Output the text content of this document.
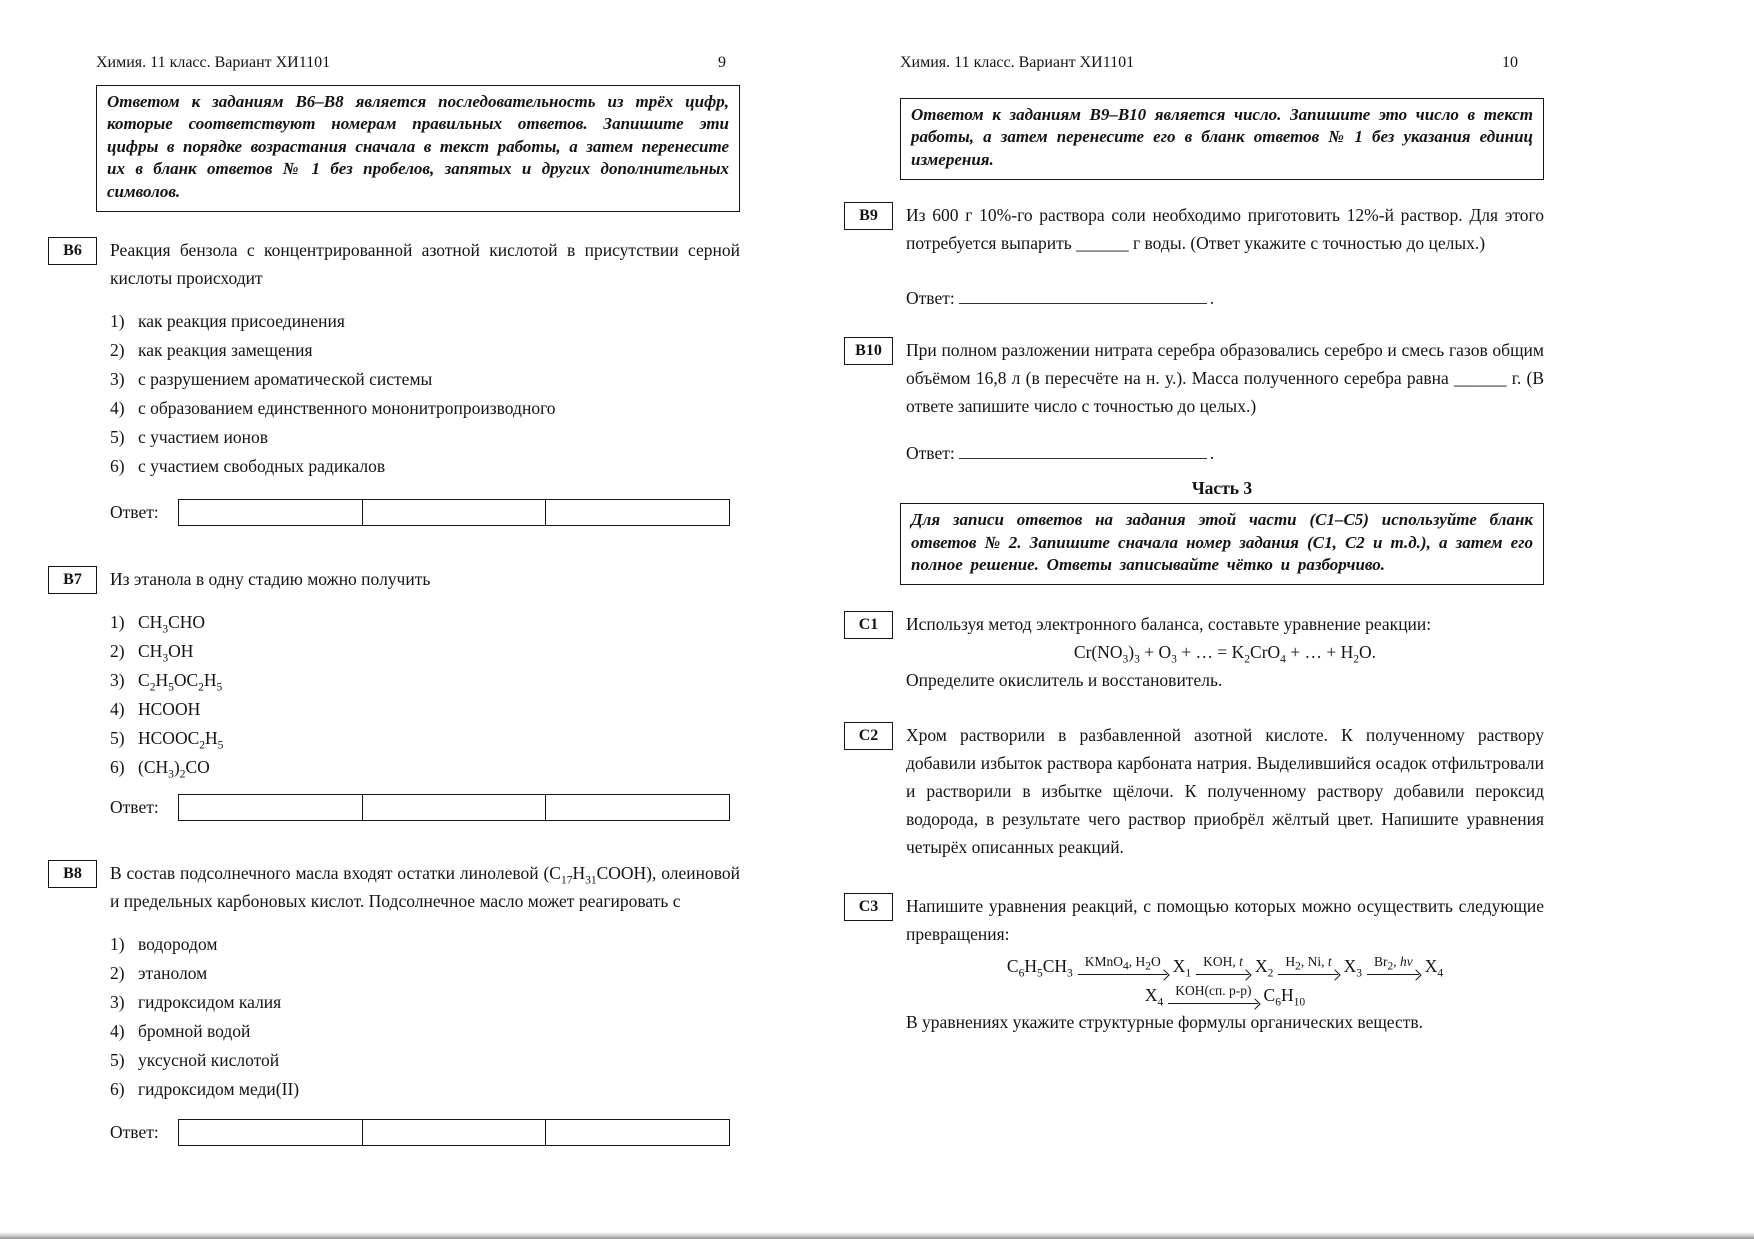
Химия. 11 класс. Вариант ХИ1101	9
Ответом к заданиям В6–В8 является последовательность из трёх цифр, которые соответствуют номерам правильных ответов. Запишите эти цифры в порядке возрастания сначала в текст работы, а затем перенесите их в бланк ответов № 1 без пробелов, запятых и других дополнительных символов.
В6	Реакция бензола с концентрированной азотной кислотой в присутствии серной кислоты происходит

1) как реакция присоединения
2) как реакция замещения
3) с разрушением ароматической системы
4) с образованием единственного мононитропроизводного
5) с участием ионов
6) с участием свободных радикалов
Ответ:
В7	Из этанола в одну стадию можно получить

1) $CH_3CHO$
2) $CH_3OH$
3) $C_2H_5OC_2H_5$
4) HCOOH
5) $HCOOC_2H_5$
6) $(CH_3)_2CO$
Ответ:
В8	В состав подсолнечного масла входят остатки линолевой $(C_{17}H_{31}COOH)$, олеиновой и предельных карбоновых кислот. Подсолнечное масло может реагировать с

1) водородом
2) этанолом
3) гидроксидом калия
4) бромной водой
5) уксусной кислотой
6) гидроксидом меди(II)
Ответ:
Химия. 11 класс. Вариант ХИ1101	10
Ответом к заданиям В9–В10 является число. Запишите это число в текст работы, а затем перенесите его в бланк ответов № 1 без указания единиц измерения.
В9	Из 600 г 10%-го раствора соли необходимо приготовить 12%-й раствор. Для этого потребуется выпарить ______ г воды. (Ответ укажите с точностью до целых.)

Ответ:	.
В10	При полном разложении нитрата серебра образовались серебро и смесь газов общим объёмом 16,8 л (в пересчёте на н. у.). Масса полученного серебра равна ______ г. (В ответе запишите число с точностью до целых.)

Ответ:	.
Часть 3
Для записи ответов на задания этой части (С1–С5) используйте бланк ответов № 2. Запишите сначала номер задания (С1, С2 и т.д.), а затем его полное решение. Ответы записывайте чётко и разборчиво.
С1	Используя метод электронного баланса, составьте уравнение реакции:

$Cr(NO_3)_3 + O_3$ + … = $K_2CrO_4$ + … + $H_2O$.

Определите окислитель и восстановитель.

С2	Хром растворили в разбавленной азотной кислоте. К полученному раствору добавили избыток раствора карбоната натрия. Выделившийся осадок отфильтровали и растворили в избытке щёлочи. К полученному раствору добавили пероксид водорода, в результате чего раствор приобрёл жёлтый цвет. Напишите уравнения четырёх описанных реакций.

С3	Напишите уравнения реакций, с помощью которых можно осуществить следующие превращения:

$C_6H_5CH_3$
KMnO$_4$, $H_2O$ $X_1$
KOH, t $X_2$
$H_2$, Ni, t $X_3$
$Br_2$, hν $X_4$
$X_4$
KOH(сп. р-р) $C_6H_{10}$

В уравнениях укажите структурные формулы органических веществ.
